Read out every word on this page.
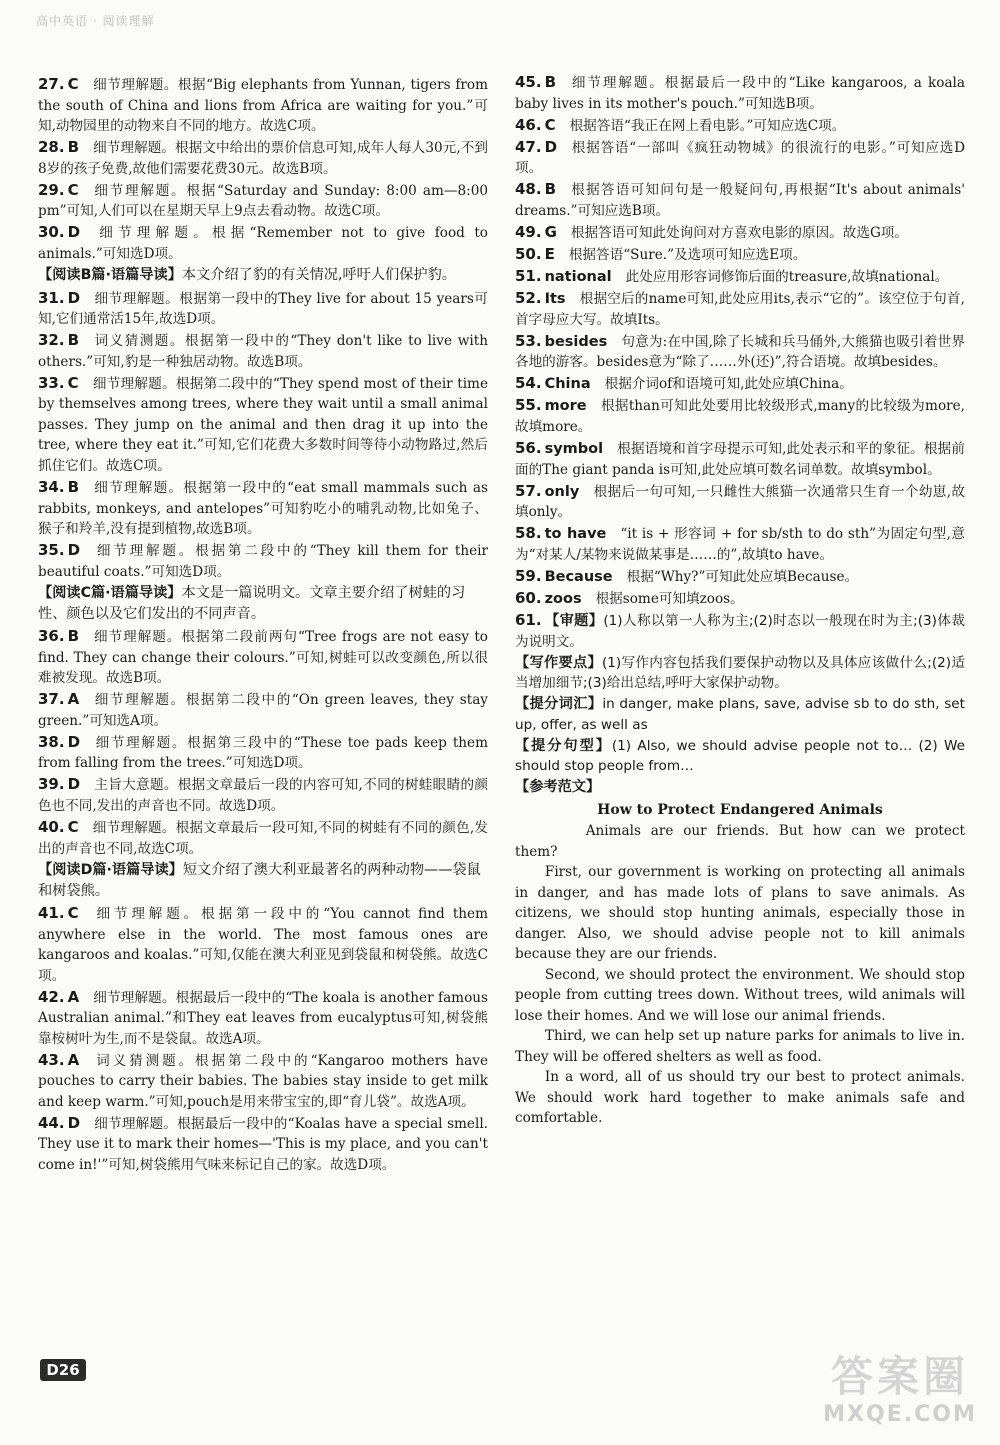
高中英语 · 阅读理解
27. C 细节理解题。根据“Big elephants from Yunnan, tigers from the south of China and lions from Africa are waiting for you.”可知,动物园里的动物来自不同的地方。故选C项。
28. B 细节理解题。根据文中给出的票价信息可知,成年人每人30元,不到8岁的孩子免费,故他们需要花费30元。故选B项。
29. C 细节理解题。根据“Saturday and Sunday: 8:00 am—8:00 pm”可知,人们可以在星期天早上9点去看动物。故选C项。
30. D 细节理解题。根据“Remember not to give food to animals.”可知选D项。
【阅读B篇·语篇导读】本文介绍了豹的有关情况,呼吁人们保护豹。
31. D 细节理解题。根据第一段中的They live for about 15 years可知,它们通常活15年,故选D项。
32. B 词义猜测题。根据第一段中的“They don't like to live with others.”可知,豹是一种独居动物。故选B项。
33. C 细节理解题。根据第二段中的“They spend most of their time by themselves among trees, where they wait until a small animal passes. They jump on the animal and then drag it up into the tree, where they eat it.”可知,它们花费大多数时间等待小动物路过,然后抓住它们。故选C项。
34. B 细节理解题。根据第一段中的“eat small mammals such as rabbits, monkeys, and antelopes”可知豹吃小的哺乳动物,比如兔子、猴子和羚羊,没有提到植物,故选B项。
35. D 细节理解题。根据第二段中的“They kill them for their beautiful coats.”可知选D项。
【阅读C篇·语篇导读】本文是一篇说明文。文章主要介绍了树蛙的习性、颜色以及它们发出的不同声音。
36. B 细节理解题。根据第二段前两句“Tree frogs are not easy to find. They can change their colours.”可知,树蛙可以改变颜色,所以很难被发现。故选B项。
37. A 细节理解题。根据第二段中的“On green leaves, they stay green.”可知选A项。
38. D 细节理解题。根据第三段中的“These toe pads keep them from falling from the trees.”可知选D项。
39. D 主旨大意题。根据文章最后一段的内容可知,不同的树蛙眼睛的颜色也不同,发出的声音也不同。故选D项。
40. C 细节理解题。根据文章最后一段可知,不同的树蛙有不同的颜色,发出的声音也不同,故选C项。
【阅读D篇·语篇导读】短文介绍了澳大利亚最著名的两种动物——袋鼠和树袋熊。
41. C 细节理解题。根据第一段中的“You cannot find them anywhere else in the world. The most famous ones are kangaroos and koalas.”可知,仅能在澳大利亚见到袋鼠和树袋熊。故选C项。
42. A 细节理解题。根据最后一段中的“The koala is another famous Australian animal.”和They eat leaves from eucalyptus可知,树袋熊靠桉树叶为生,而不是袋鼠。故选A项。
43. A 词义猜测题。根据第二段中的“Kangaroo mothers have pouches to carry their babies. The babies stay inside to get milk and keep warm.”可知,pouch是用来带宝宝的,即“育儿袋”。故选A项。
44. D 细节理解题。根据最后一段中的“Koalas have a special smell. They use it to mark their homes—'This is my place, and you can't come in!'”可知,树袋熊用气味来标记自己的家。故选D项。
45. B 细节理解题。根据最后一段中的“Like kangaroos, a koala baby lives in its mother's pouch.”可知选B项。
46. C 根据答语“我正在网上看电影。”可知应选C项。
47. D 根据答语“一部叫《疯狂动物城》的很流行的电影。”可知应选D项。
48. B 根据答语可知问句是一般疑问句,再根据“It's about animals' dreams.”可知应选B项。
49. G 根据答语可知此处询问对方喜欢电影的原因。故选G项。
50. E 根据答语“Sure.”及选项可知应选E项。
51. national 此处应用形容词修饰后面的treasure,故填national。
52. Its 根据空后的name可知,此处应用its,表示“它的”。该空位于句首,首字母应大写。故填Its。
53. besides 句意为:在中国,除了长城和兵马俑外,大熊猫也吸引着世界各地的游客。besides意为“除了……外(还)”,符合语境。故填besides。
54. China 根据介词of和语境可知,此处应填China。
55. more 根据than可知此处要用比较级形式,many的比较级为more,故填more。
56. symbol 根据语境和首字母提示可知,此处表示和平的象征。根据前面的The giant panda is可知,此处应填可数名词单数。故填symbol。
57. only 根据后一句可知,一只雌性大熊猫一次通常只生育一个幼崽,故填only。
58. to have “it is + 形容词 + for sb/sth to do sth”为固定句型,意为“对某人/某物来说做某事是……的”,故填to have。
59. Because 根据“Why?”可知此处应填Because。
60. zoos 根据some可知填zoos。
61. 【审题】(1)人称以第一人称为主;(2)时态以一般现在时为主;(3)体裁为说明文。
【写作要点】(1)写作内容包括我们要保护动物以及具体应该做什么;(2)适当增加细节;(3)给出总结,呼吁大家保护动物。
【提分词汇】in danger, make plans, save, advise sb to do sth, set up, offer, as well as
【提分句型】(1) Also, we should advise people not to… (2) We should stop people from…
【参考范文】
How to Protect Endangered Animals

Animals are our friends. But how can we protect them?

First, our government is working on protecting all animals in danger, and has made lots of plans to save animals. As citizens, we should stop hunting animals, especially those in danger. Also, we should advise people not to kill animals because they are our friends.

Second, we should protect the environment. We should stop people from cutting trees down. Without trees, wild animals will lose their homes. And we will lose our animal friends.

Third, we can help set up nature parks for animals to live in. They will be offered shelters as well as food.

In a word, all of us should try our best to protect animals. We should work hard together to make animals safe and comfortable.

D26	答案圈
MXQE.COM
